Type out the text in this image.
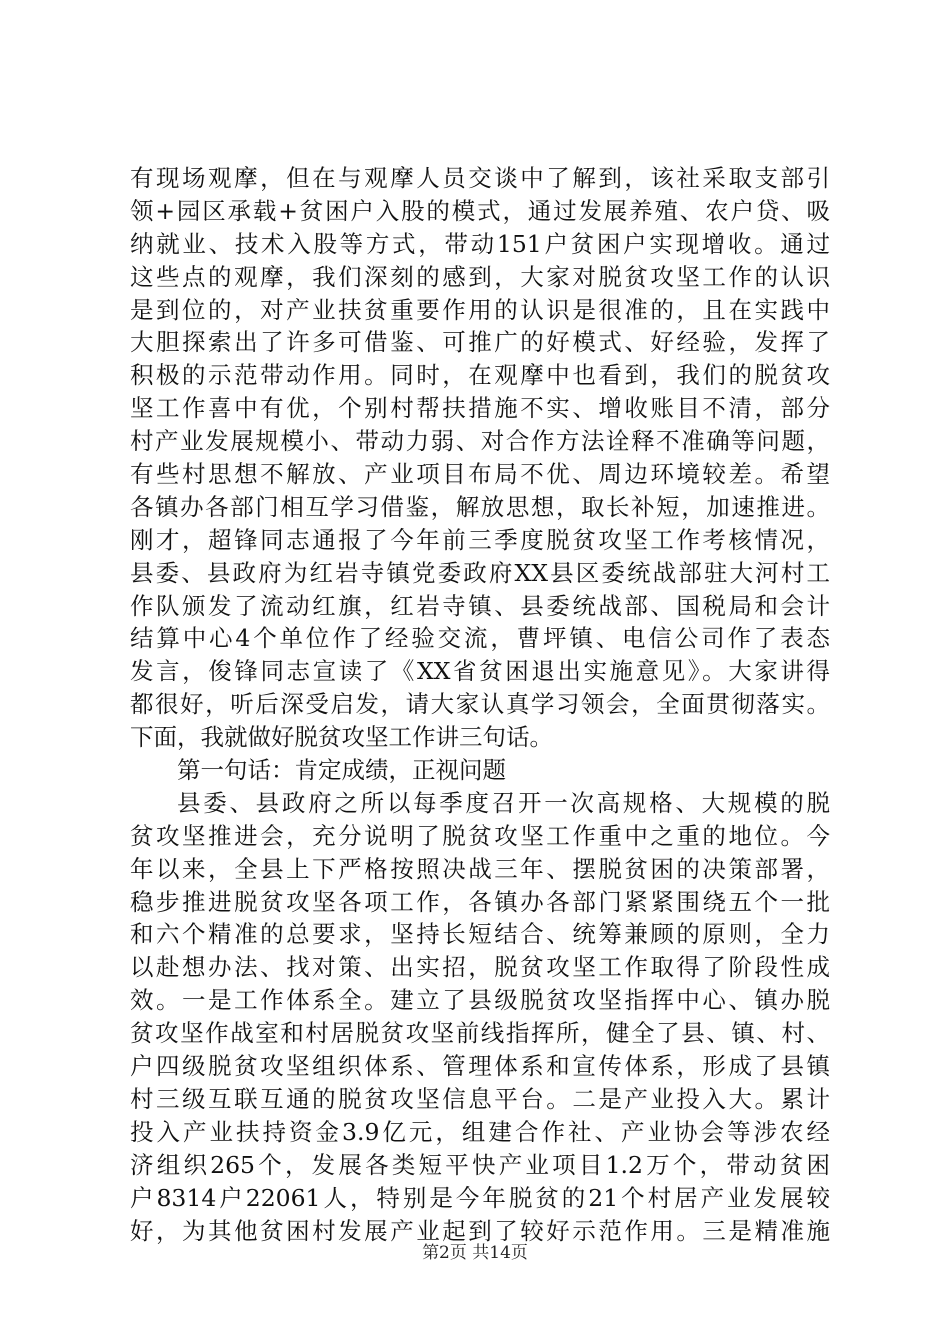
有现场观摩，但在与观摩人员交谈中了解到，该社采取支部引
领+园区承载+贫困户入股的模式，通过发展养殖、农户贷、吸
纳就业、技术入股等方式，带动151户贫困户实现增收。通过
这些点的观摩，我们深刻的感到，大家对脱贫攻坚工作的认识
是到位的，对产业扶贫重要作用的认识是很准的，且在实践中
大胆探索出了许多可借鉴、可推广的好模式、好经验，发挥了
积极的示范带动作用。同时，在观摩中也看到，我们的脱贫攻
坚工作喜中有优，个别村帮扶措施不实、增收账目不清，部分
村产业发展规模小、带动力弱、对合作方法诠释不准确等问题，
有些村思想不解放、产业项目布局不优、周边环境较差。希望
各镇办各部门相互学习借鉴，解放思想，取长补短，加速推进。
刚才，超锋同志通报了今年前三季度脱贫攻坚工作考核情况，
县委、县政府为红岩寺镇党委政府XX县区委统战部驻大河村工
作队颁发了流动红旗，红岩寺镇、县委统战部、国税局和会计
结算中心4个单位作了经验交流，曹坪镇、电信公司作了表态
发言，俊锋同志宣读了《XX省贫困退出实施意见》。大家讲得
都很好，听后深受启发，请大家认真学习领会，全面贯彻落实。
下面，我就做好脱贫攻坚工作讲三句话。
第一句话：肯定成绩，正视问题
县委、县政府之所以每季度召开一次高规格、大规模的脱
贫攻坚推进会，充分说明了脱贫攻坚工作重中之重的地位。今
年以来，全县上下严格按照决战三年、摆脱贫困的决策部署，
稳步推进脱贫攻坚各项工作，各镇办各部门紧紧围绕五个一批
和六个精准的总要求，坚持长短结合、统筹兼顾的原则，全力
以赴想办法、找对策、出实招，脱贫攻坚工作取得了阶段性成
效。一是工作体系全。建立了县级脱贫攻坚指挥中心、镇办脱
贫攻坚作战室和村居脱贫攻坚前线指挥所，健全了县、镇、村、
户四级脱贫攻坚组织体系、管理体系和宣传体系，形成了县镇
村三级互联互通的脱贫攻坚信息平台。二是产业投入大。累计
投入产业扶持资金3.9亿元，组建合作社、产业协会等涉农经
济组织265个，发展各类短平快产业项目1.2万个，带动贫困
户8314户22061人，特别是今年脱贫的21个村居产业发展较
好，为其他贫困村发展产业起到了较好示范作用。三是精准施
第2页 共14页
